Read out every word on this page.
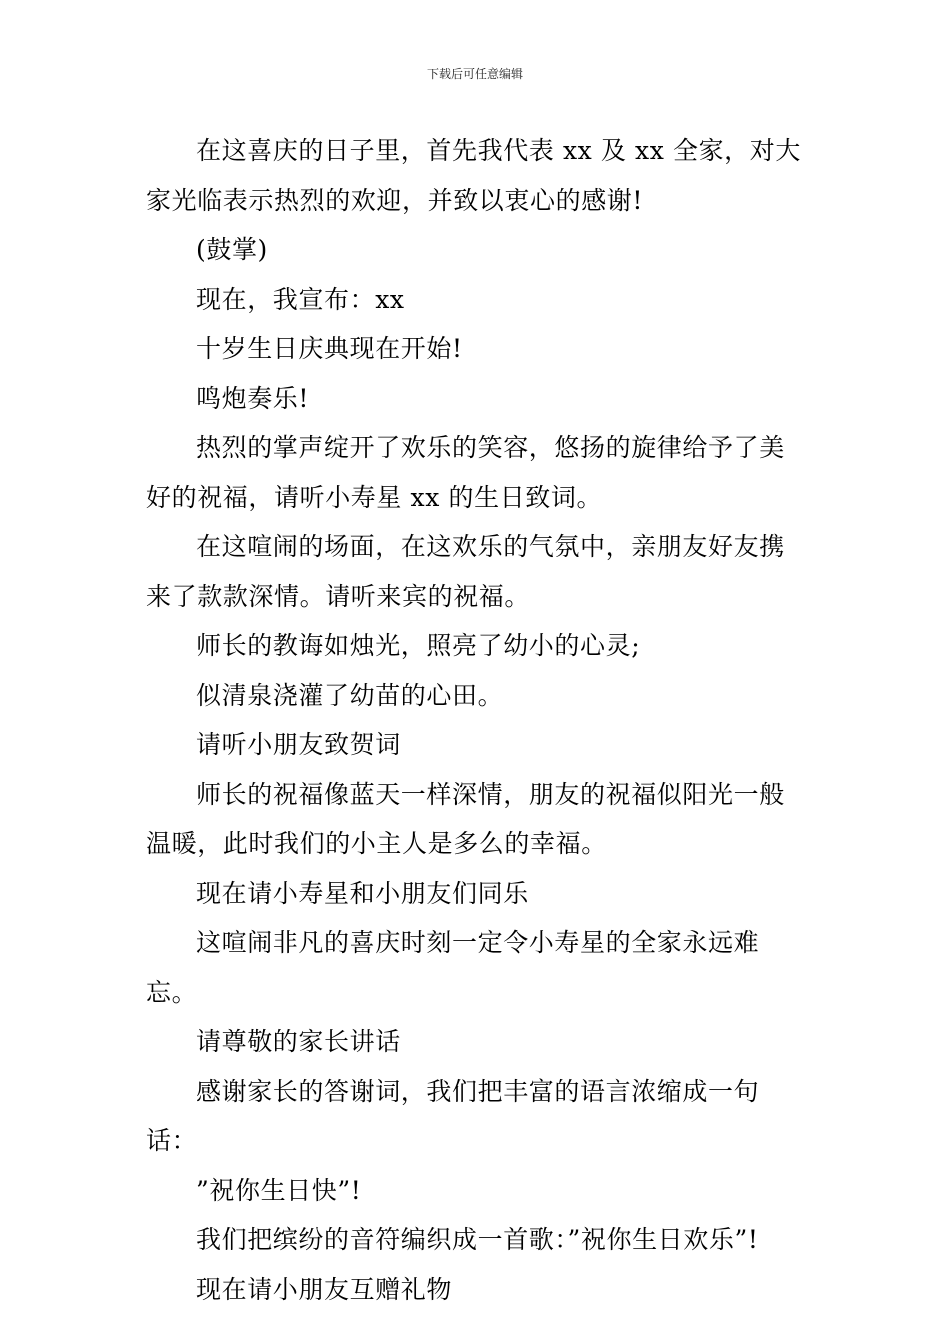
下载后可任意编辑

在这喜庆的日子里，首先我代表 xx 及 xx 全家，对大家光临表示热烈的欢迎，并致以衷心的感谢!

(鼓掌)

现在，我宣布：xx

十岁生日庆典现在开始!

鸣炮奏乐!

热烈的掌声绽开了欢乐的笑容，悠扬的旋律给予了美好的祝福，请听小寿星 xx 的生日致词。

在这喧闹的场面，在这欢乐的气氛中，亲朋友好友携来了款款深情。请听来宾的祝福。

师长的教诲如烛光，照亮了幼小的心灵;

似清泉浇灌了幼苗的心田。

请听小朋友致贺词

师长的祝福像蓝天一样深情，朋友的祝福似阳光一般温暖，此时我们的小主人是多么的幸福。

现在请小寿星和小朋友们同乐

这喧闹非凡的喜庆时刻一定令小寿星的全家永远难忘。

请尊敬的家长讲话

感谢家长的答谢词，我们把丰富的语言浓缩成一句话：

”祝你生日快”!

我们把缤纷的音符编织成一首歌：”祝你生日欢乐”!

现在请小朋友互赠礼物
